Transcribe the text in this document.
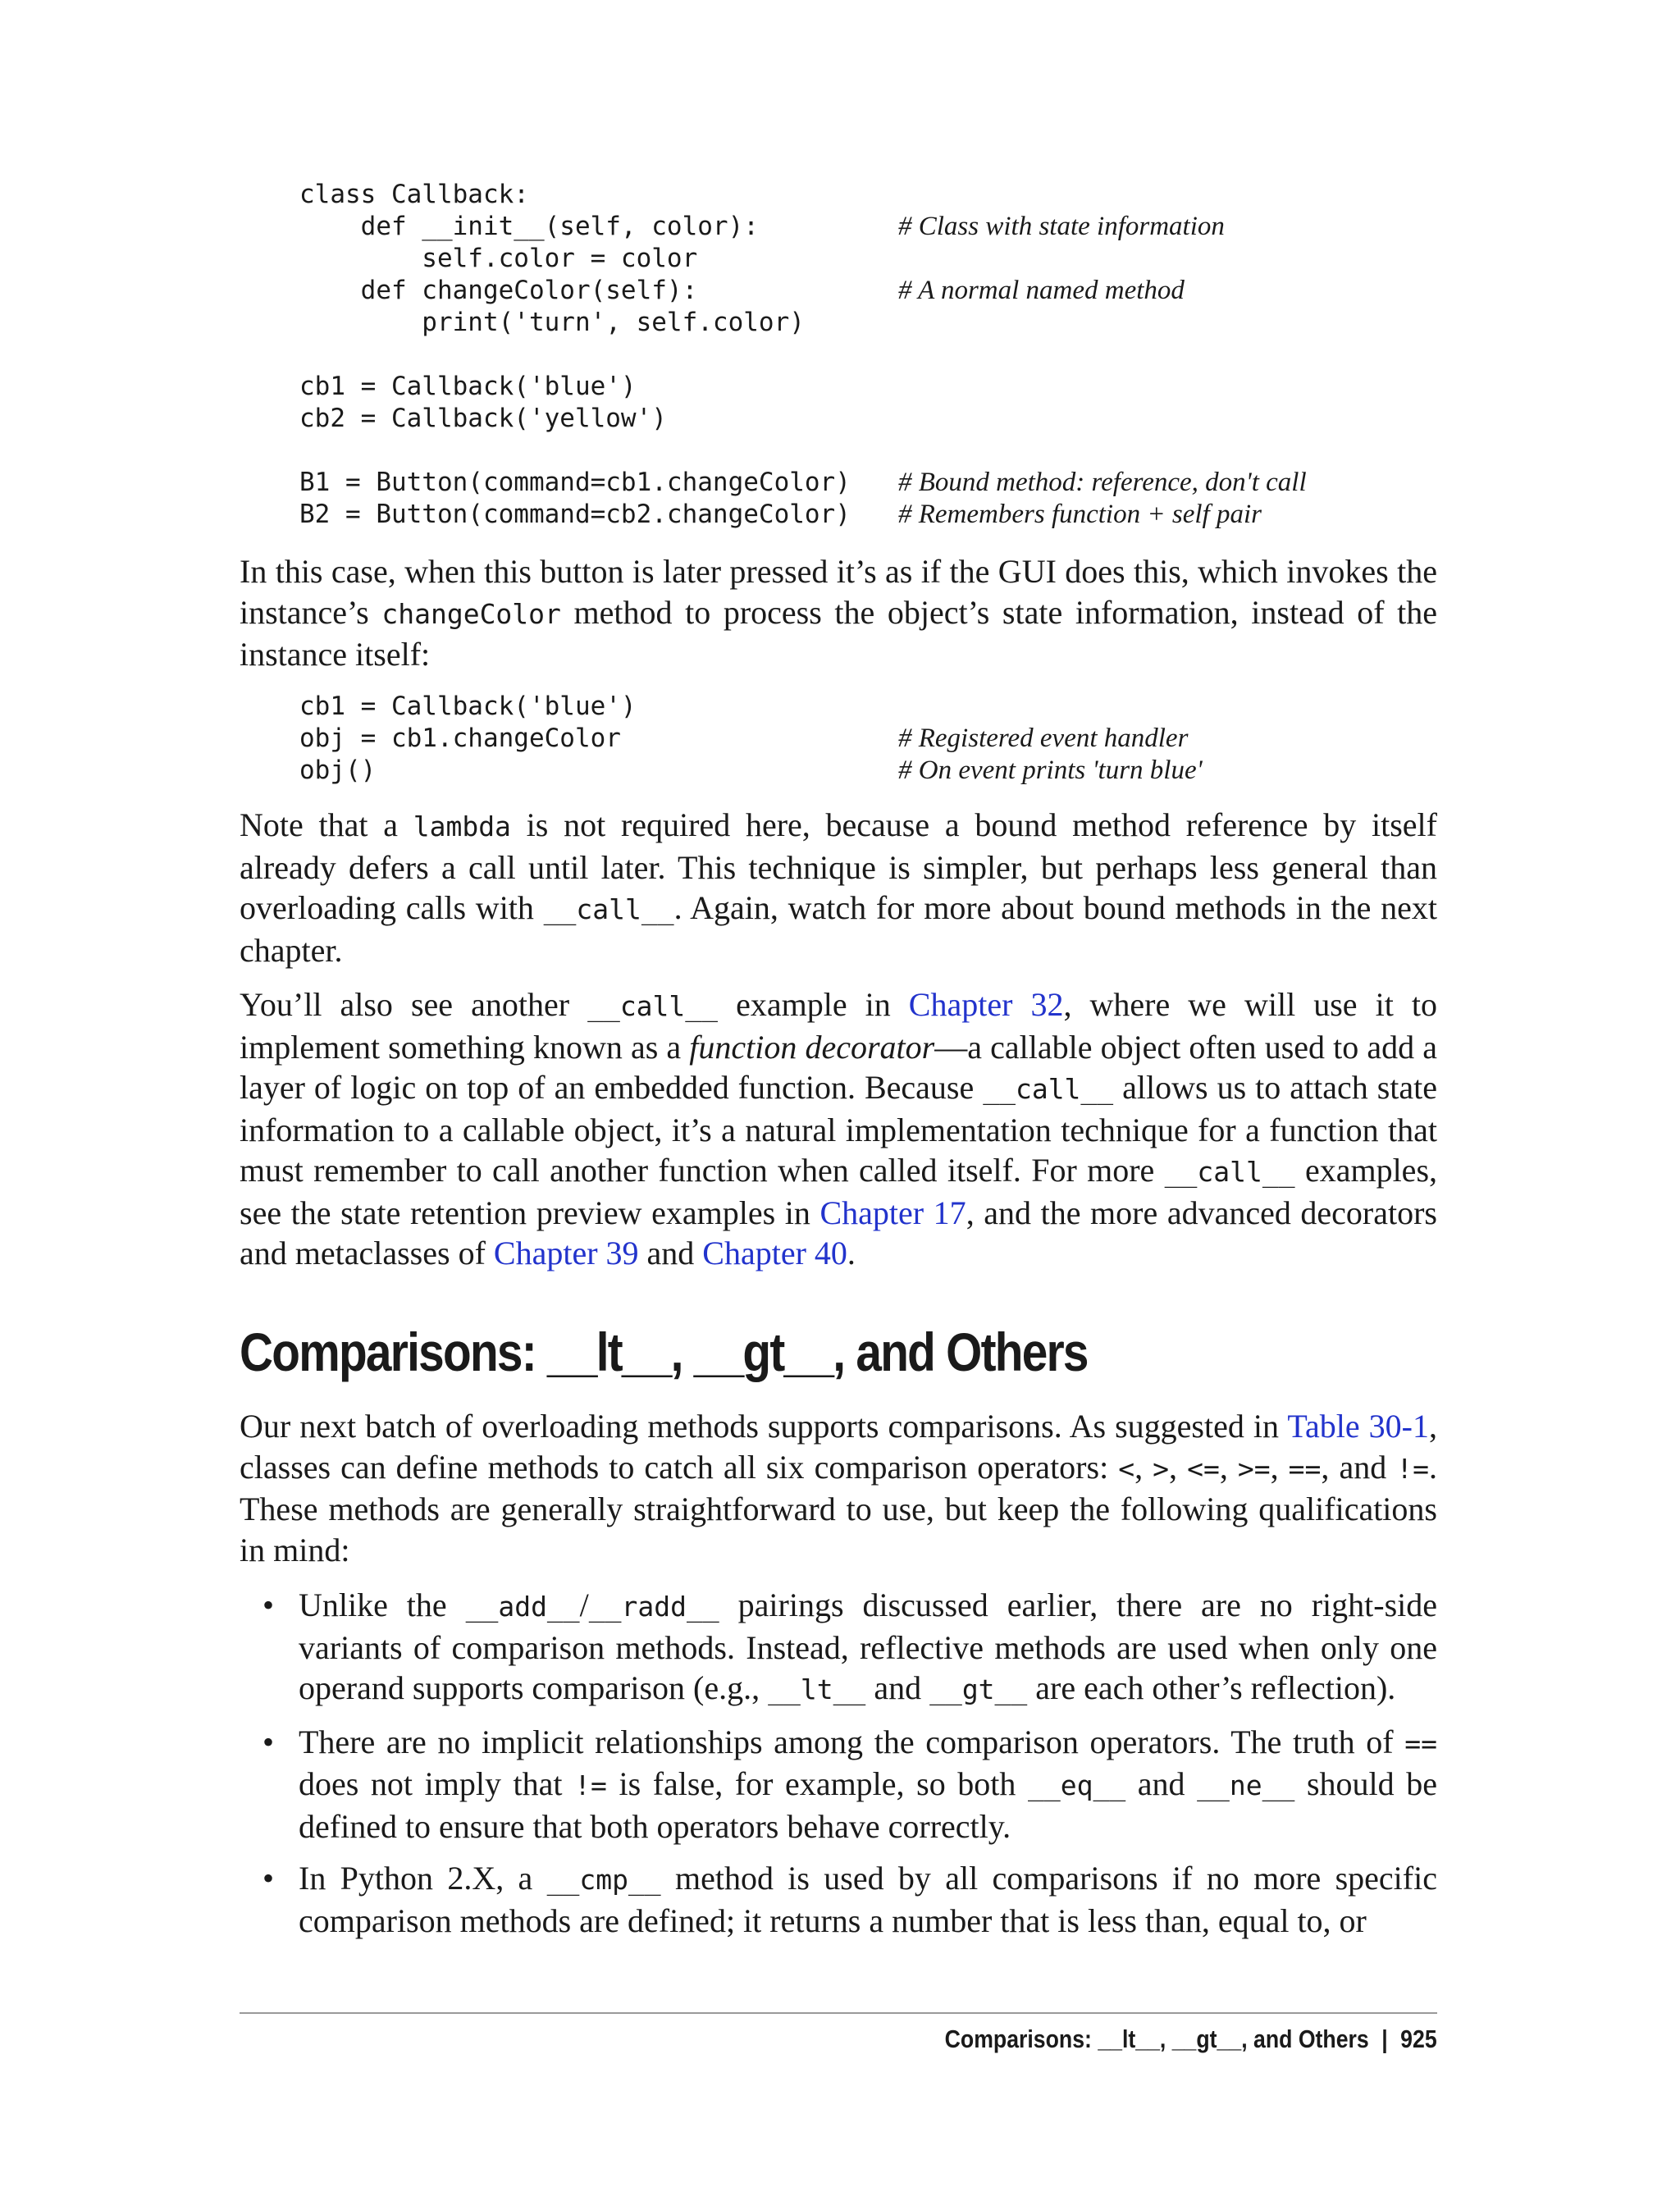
class Callback:
def __init__(self, color):	# Class with state information
self.color = color
def changeColor(self):	# A normal named method
print('turn', self.color)
cb1 = Callback('blue')
cb2 = Callback('yellow')
B1 = Button(command=cb1.changeColor) # Bound method: reference, don't call
B2 = Button(command=cb2.changeColor) # Remembers function + self pair

In this case, when this button is later pressed it’s as if the GUI does this, which invokes the instance’s changeColor method to process the object’s state information, instead of the instance itself:

cb1 = Callback('blue')
obj = cb1.changeColor	# Registered event handler
obj()	# On event prints 'turn blue'

Note that a lambda is not required here, because a bound method reference by itself already defers a call until later. This technique is simpler, but perhaps less general than overloading calls with __call__. Again, watch for more about bound methods in the next chapter.

You’ll also see another __call__ example in Chapter 32, where we will use it to implement something known as a function decorator—a callable object often used to add a layer of logic on top of an embedded function. Because __call__ allows us to attach state information to a callable object, it’s a natural implementation technique for a function that must remember to call another function when called itself. For more __call__ examples, see the state retention preview examples in Chapter 17, and the more advanced decorators and metaclasses of Chapter 39 and Chapter 40.

Comparisons: __lt__, __gt__, and Others

Our next batch of overloading methods supports comparisons. As suggested in Table 30-1, classes can define methods to catch all six comparison operators: <, >, <=, >=, ==, and !=. These methods are generally straightforward to use, but keep the following qualifications in mind:

• Unlike the __add__/__radd__ pairings discussed earlier, there are no right-side variants of comparison methods. Instead, reflective methods are used when only one operand supports comparison (e.g., __lt__ and __gt__ are each other’s reflection).
• There are no implicit relationships among the comparison operators. The truth of == does not imply that != is false, for example, so both __eq__ and __ne__ should be defined to ensure that both operators behave correctly.
• In Python 2.X, a __cmp__ method is used by all comparisons if no more specific comparison methods are defined; it returns a number that is less than, equal to, or
Comparisons: __lt__, __gt__, and Others | 925
